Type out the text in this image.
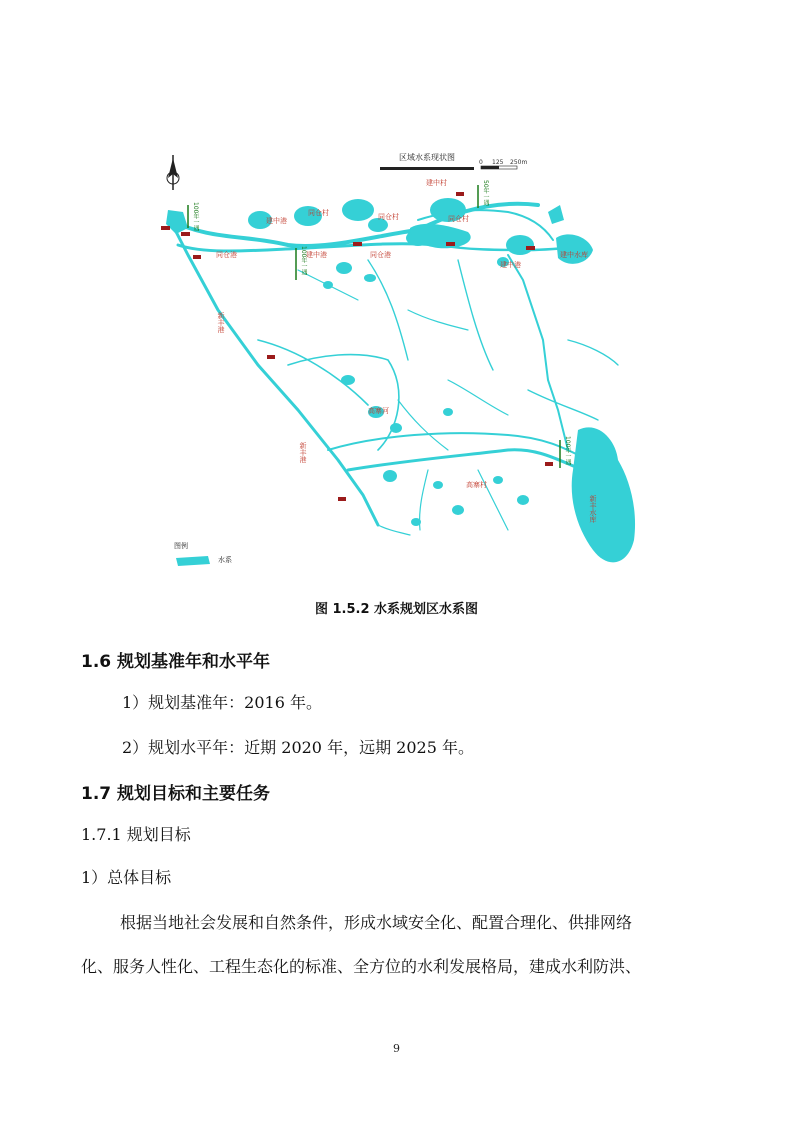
区域水系现状图
0 125 250m
建中村
同仓村	同仓村	同仓村
建中港
建中港
同仓港	同仓港
建中港
建中水库
高寨河
高寨村
新丰港
新丰港
新丰水库
100年一遇
100年一遇
50年一遇
100年一遇
图例
水系
图 1.5.2 水系规划区水系图
1.6 规划基准年和水平年
1）规划基准年：2016 年。
2）规划水平年：近期 2020 年，远期 2025 年。
1.7 规划目标和主要任务
1.7.1 规划目标
1）总体目标
根据当地社会发展和自然条件，形成水域安全化、配置合理化、供排网络
化、服务人性化、工程生态化的标准、全方位的水利发展格局，建成水利防洪、
9
